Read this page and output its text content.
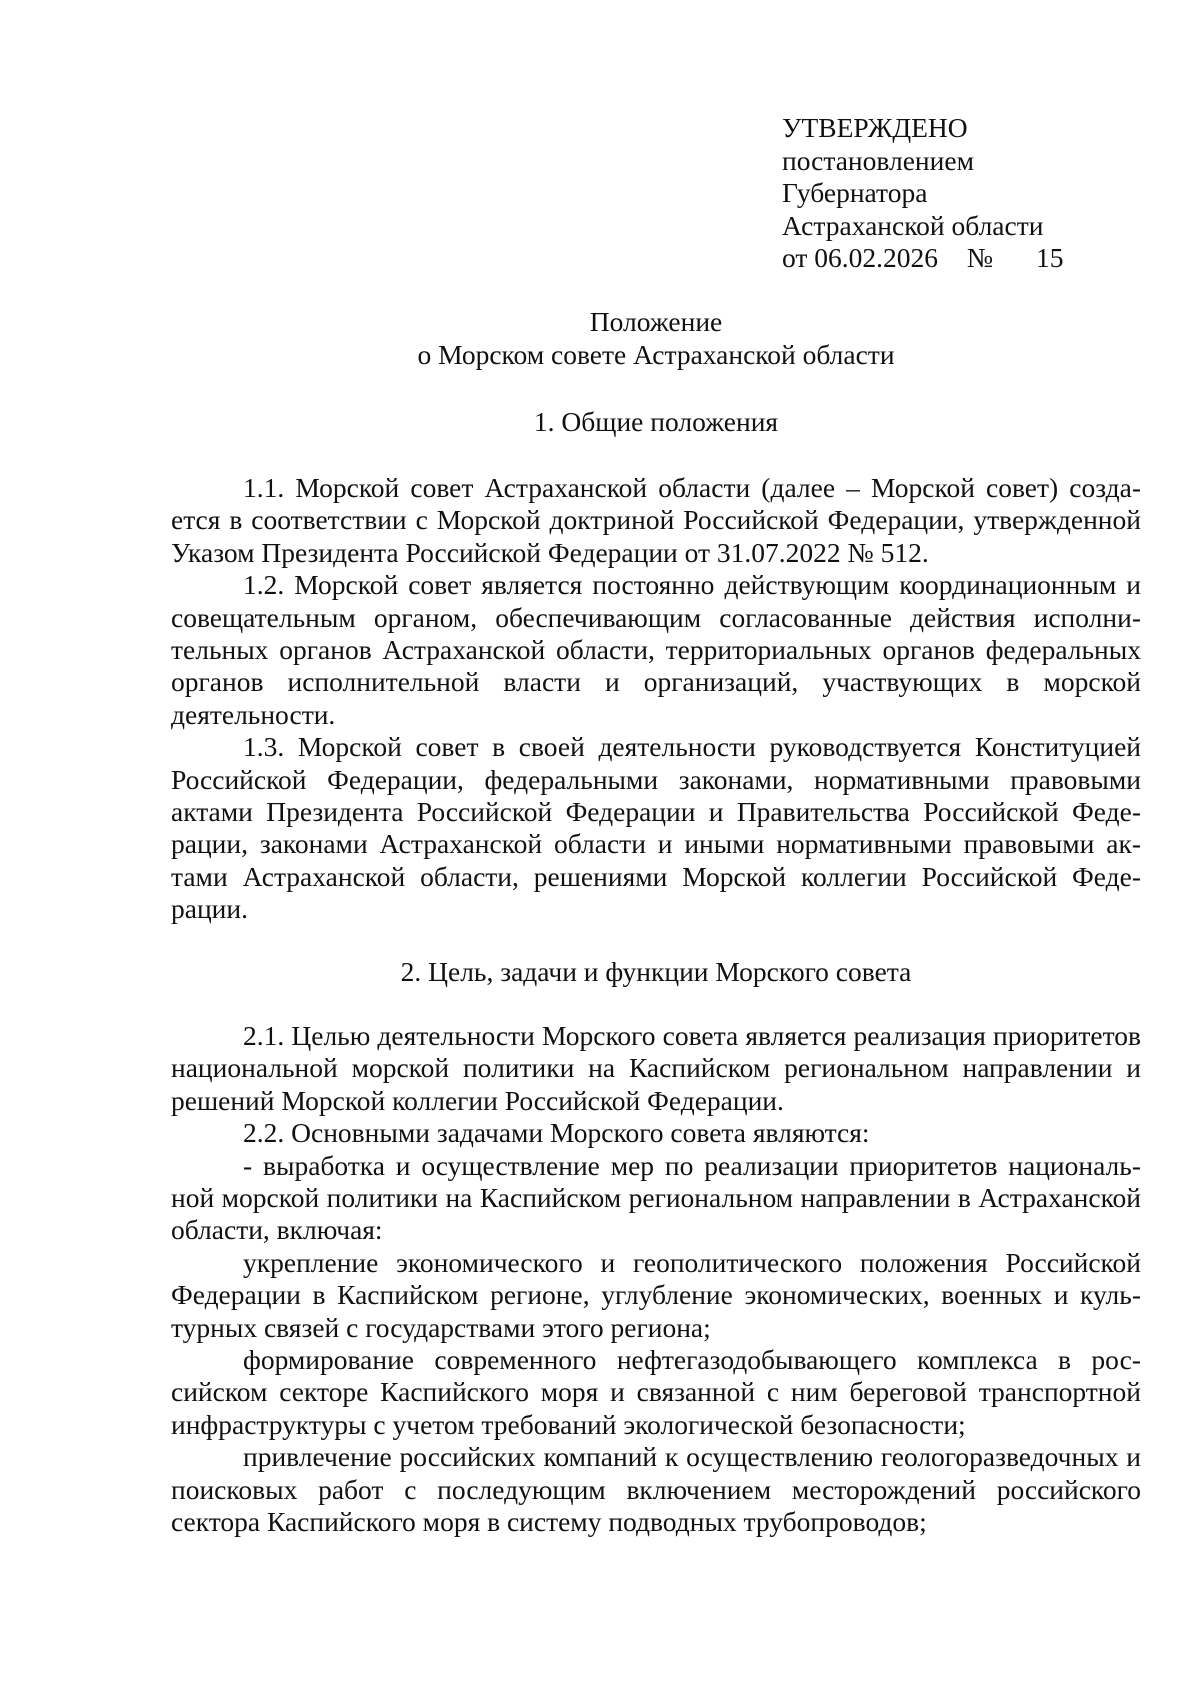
УТВЕРЖДЕНО
постановлением
Губернатора
Астраханской области
от 06.02.2026 № 15
Положение
о Морском совете Астраханской области
1. Общие положения

1.1. Морской совет Астраханской области (далее – Морской совет) создается в соответствии с Морской доктриной Российской Федерации, утвержденной Указом Президента Российской Федерации от 31.07.2022 № 512.

1.2. Морской совет является постоянно действующим координационным и совещательным органом, обеспечивающим согласованные действия исполнительных органов Астраханской области, территориальных органов федеральных органов исполнительной власти и организаций, участвующих в морской деятельности.

1.3. Морской совет в своей деятельности руководствуется Конституцией Российской Федерации, федеральными законами, нормативными правовыми актами Президента Российской Федерации и Правительства Российской Федерации, законами Астраханской области и иными нормативными правовыми актами Астраханской области, решениями Морской коллегии Российской Федерации.

2. Цель, задачи и функции Морского совета

2.1. Целью деятельности Морского совета является реализация приоритетов национальной морской политики на Каспийском региональном направлении и решений Морской коллегии Российской Федерации.

2.2. Основными задачами Морского совета являются:

- выработка и осуществление мер по реализации приоритетов национальной морской политики на Каспийском региональном направлении в Астраханской области, включая:

укрепление экономического и геополитического положения Российской Федерации в Каспийском регионе, углубление экономических, военных и культурных связей с государствами этого региона;

формирование современного нефтегазодобывающего комплекса в российском секторе Каспийского моря и связанной с ним береговой транспортной инфраструктуры с учетом требований экологической безопасности;

привлечение российских компаний к осуществлению геологоразведочных и поисковых работ с последующим включением месторождений российского сектора Каспийского моря в систему подводных трубопроводов;
